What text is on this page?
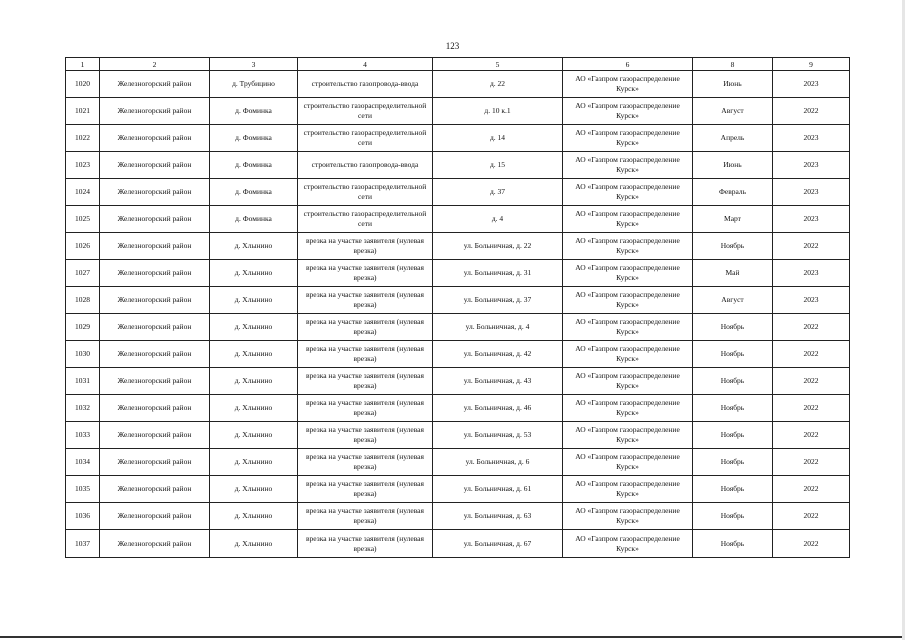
123
1	2	3	4	5	6	8	9
1020	Железногорский район	д. Трубицино	строительство газопровода-ввода	д. 22	АО «Газпром газораспределение Курск»	Июнь	2023
1021	Железногорский район	д. Фоминка	строительство газораспределительной сети	д. 10 к.1	АО «Газпром газораспределение Курск»	Август	2022
1022	Железногорский район	д. Фоминка	строительство газораспределительной сети	д. 14	АО «Газпром газораспределение Курск»	Апрель	2023
1023	Железногорский район	д. Фоминка	строительство газопровода-ввода	д. 15	АО «Газпром газораспределение Курск»	Июнь	2023
1024	Железногорский район	д. Фоминка	строительство газораспределительной сети	д. 37	АО «Газпром газораспределение Курск»	Февраль	2023
1025	Железногорский район	д. Фоминка	строительство газораспределительной сети	д. 4	АО «Газпром газораспределение Курск»	Март	2023
1026	Железногорский район	д. Хлынино	врезка на участке заявителя (нулевая врезка)	ул. Больничная, д. 22	АО «Газпром газораспределение Курск»	Ноябрь	2022
1027	Железногорский район	д. Хлынино	врезка на участке заявителя (нулевая врезка)	ул. Больничная, д. 31	АО «Газпром газораспределение Курск»	Май	2023
1028	Железногорский район	д. Хлынино	врезка на участке заявителя (нулевая врезка)	ул. Больничная, д. 37	АО «Газпром газораспределение Курск»	Август	2023
1029	Железногорский район	д. Хлынино	врезка на участке заявителя (нулевая врезка)	ул. Больничная, д. 4	АО «Газпром газораспределение Курск»	Ноябрь	2022
1030	Железногорский район	д. Хлынино	врезка на участке заявителя (нулевая врезка)	ул. Больничная, д. 42	АО «Газпром газораспределение Курск»	Ноябрь	2022
1031	Железногорский район	д. Хлынино	врезка на участке заявителя (нулевая врезка)	ул. Больничная, д. 43	АО «Газпром газораспределение Курск»	Ноябрь	2022
1032	Железногорский район	д. Хлынино	врезка на участке заявителя (нулевая врезка)	ул. Больничная, д. 46	АО «Газпром газораспределение Курск»	Ноябрь	2022
1033	Железногорский район	д. Хлынино	врезка на участке заявителя (нулевая врезка)	ул. Больничная, д. 53	АО «Газпром газораспределение Курск»	Ноябрь	2022
1034	Железногорский район	д. Хлынино	врезка на участке заявителя (нулевая врезка)	ул. Больничная, д. 6	АО «Газпром газораспределение Курск»	Ноябрь	2022
1035	Железногорский район	д. Хлынино	врезка на участке заявителя (нулевая врезка)	ул. Больничная, д. 61	АО «Газпром газораспределение Курск»	Ноябрь	2022
1036	Железногорский район	д. Хлынино	врезка на участке заявителя (нулевая врезка)	ул. Больничная, д. 63	АО «Газпром газораспределение Курск»	Ноябрь	2022
1037	Железногорский район	д. Хлынино	врезка на участке заявителя (нулевая врезка)	ул. Больничная, д. 67	АО «Газпром газораспределение Курск»	Ноябрь	2022
